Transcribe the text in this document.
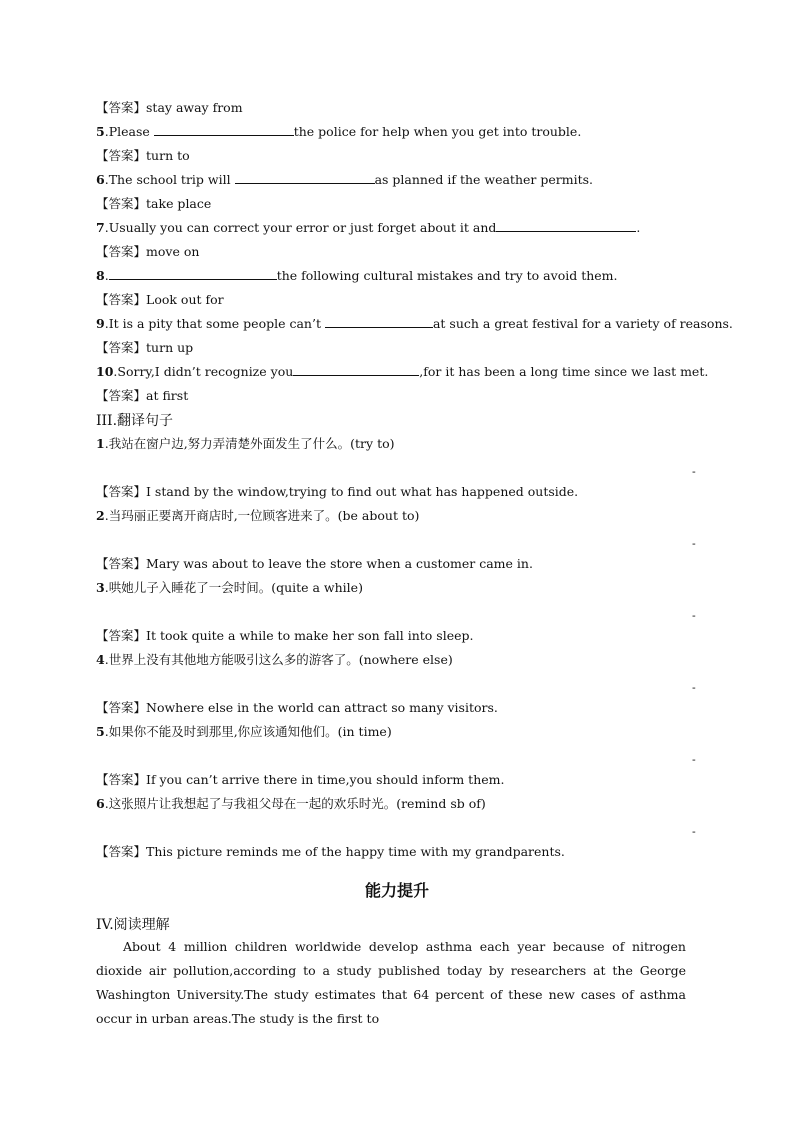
【答案】stay away from
5.Please	the police for help when you get into trouble.
【答案】turn to
6.The school trip will	as planned if the weather permits.
【答案】take place
7.Usually you can correct your error or just forget about it and	.
【答案】move on
8.	the following cultural mistakes and try to avoid them.
【答案】Look out for
9.It is a pity that some people can’t	at such a great festival for a variety of reasons.
【答案】turn up
10.Sorry,I didn’t recognize you	,for it has been a long time since we last met.
【答案】at first
III.翻译句子
1.我站在窗户边,努力弄清楚外面发生了什么。(try to)
-
【答案】I stand by the window,trying to find out what has happened outside.
2.当玛丽正要离开商店时,一位顾客进来了。(be about to)
-
【答案】Mary was about to leave the store when a customer came in.
3.哄她儿子入睡花了一会时间。(quite a while)
-
【答案】It took quite a while to make her son fall into sleep.
4.世界上没有其他地方能吸引这么多的游客了。(nowhere else)
-
【答案】Nowhere else in the world can attract so many visitors.
5.如果你不能及时到那里,你应该通知他们。(in time)
-
【答案】If you can’t arrive there in time,you should inform them.
6.这张照片让我想起了与我祖父母在一起的欢乐时光。(remind sb of)
-
【答案】This picture reminds me of the happy time with my grandparents.
能力提升
IV.阅读理解
About 4 million children worldwide develop asthma each year because of nitrogen dioxide air pollution,according to a study published today by researchers at the George Washington University.The study estimates that 64 percent of these new cases of asthma occur in urban areas.The study is the first to
